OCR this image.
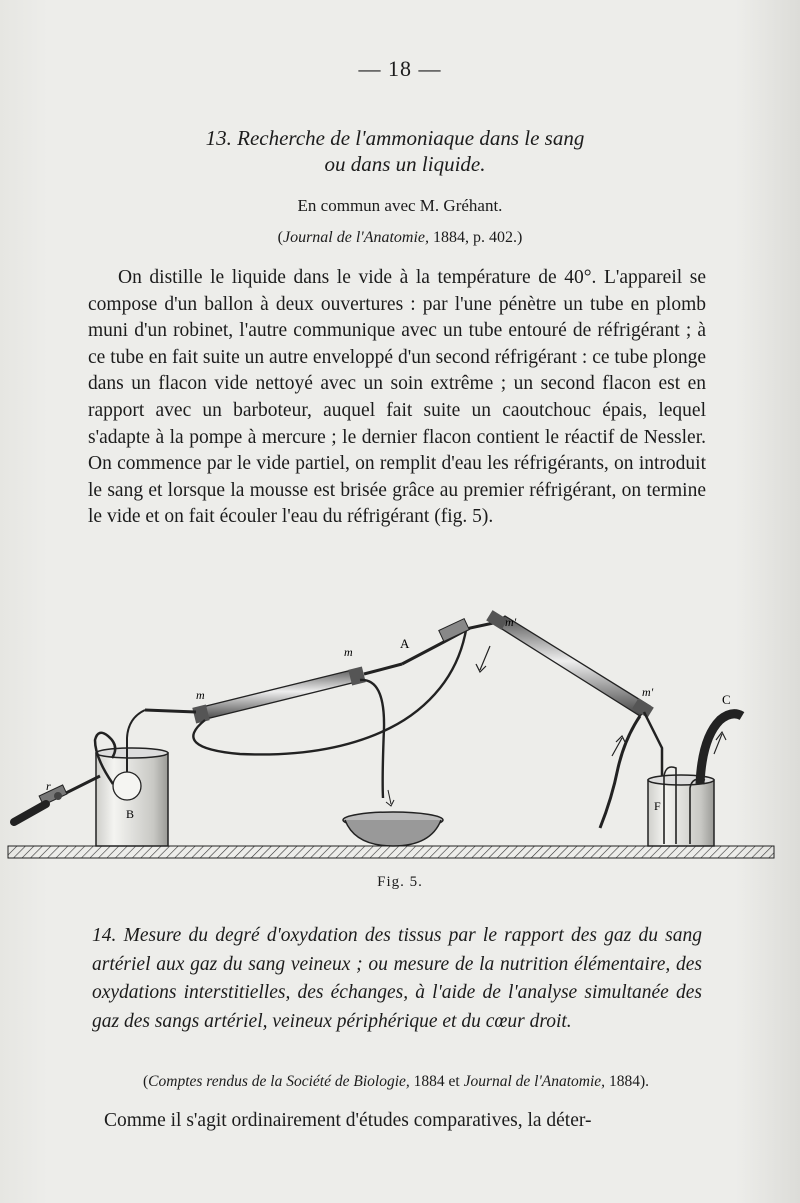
— 18 —
13. Recherche de l'ammoniaque dans le sang
ou dans un liquide.
En commun avec M. Gréhant.
(Journal de l'Anatomie, 1884, p. 402.)

On distille le liquide dans le vide à la température de 40°. L'appareil se compose d'un ballon à deux ouvertures : par l'une pénètre un tube en plomb muni d'un robinet, l'autre communique avec un tube entouré de réfrigérant ; à ce tube en fait suite un autre enveloppé d'un second réfrigérant : ce tube plonge dans un flacon vide nettoyé avec un soin extrême ; un second flacon est en rapport avec un barboteur, auquel fait suite un caoutchouc épais, lequel s'adapte à la pompe à mercure ; le dernier flacon contient le réactif de Nessler. On commence par le vide partiel, on remplit d'eau les réfrigérants, on introduit le sang et lorsque la mousse est brisée grâce au premier réfrigérant, on termine le vide et on fait écouler l'eau du réfrigérant (fig. 5).

r
B
m
m
A
m'
m'	C
F
Fig. 5.

14. Mesure du degré d'oxydation des tissus par le rapport des gaz du sang artériel aux gaz du sang veineux ; ou mesure de la nutrition élémentaire, des oxydations interstitielles, des échanges, à l'aide de l'analyse simultanée des gaz des sangs artériel, veineux périphérique et du cœur droit.

(Comptes rendus de la Société de Biologie, 1884 et Journal de l'Anatomie, 1884).

Comme il s'agit ordinairement d'études comparatives, la déter-
